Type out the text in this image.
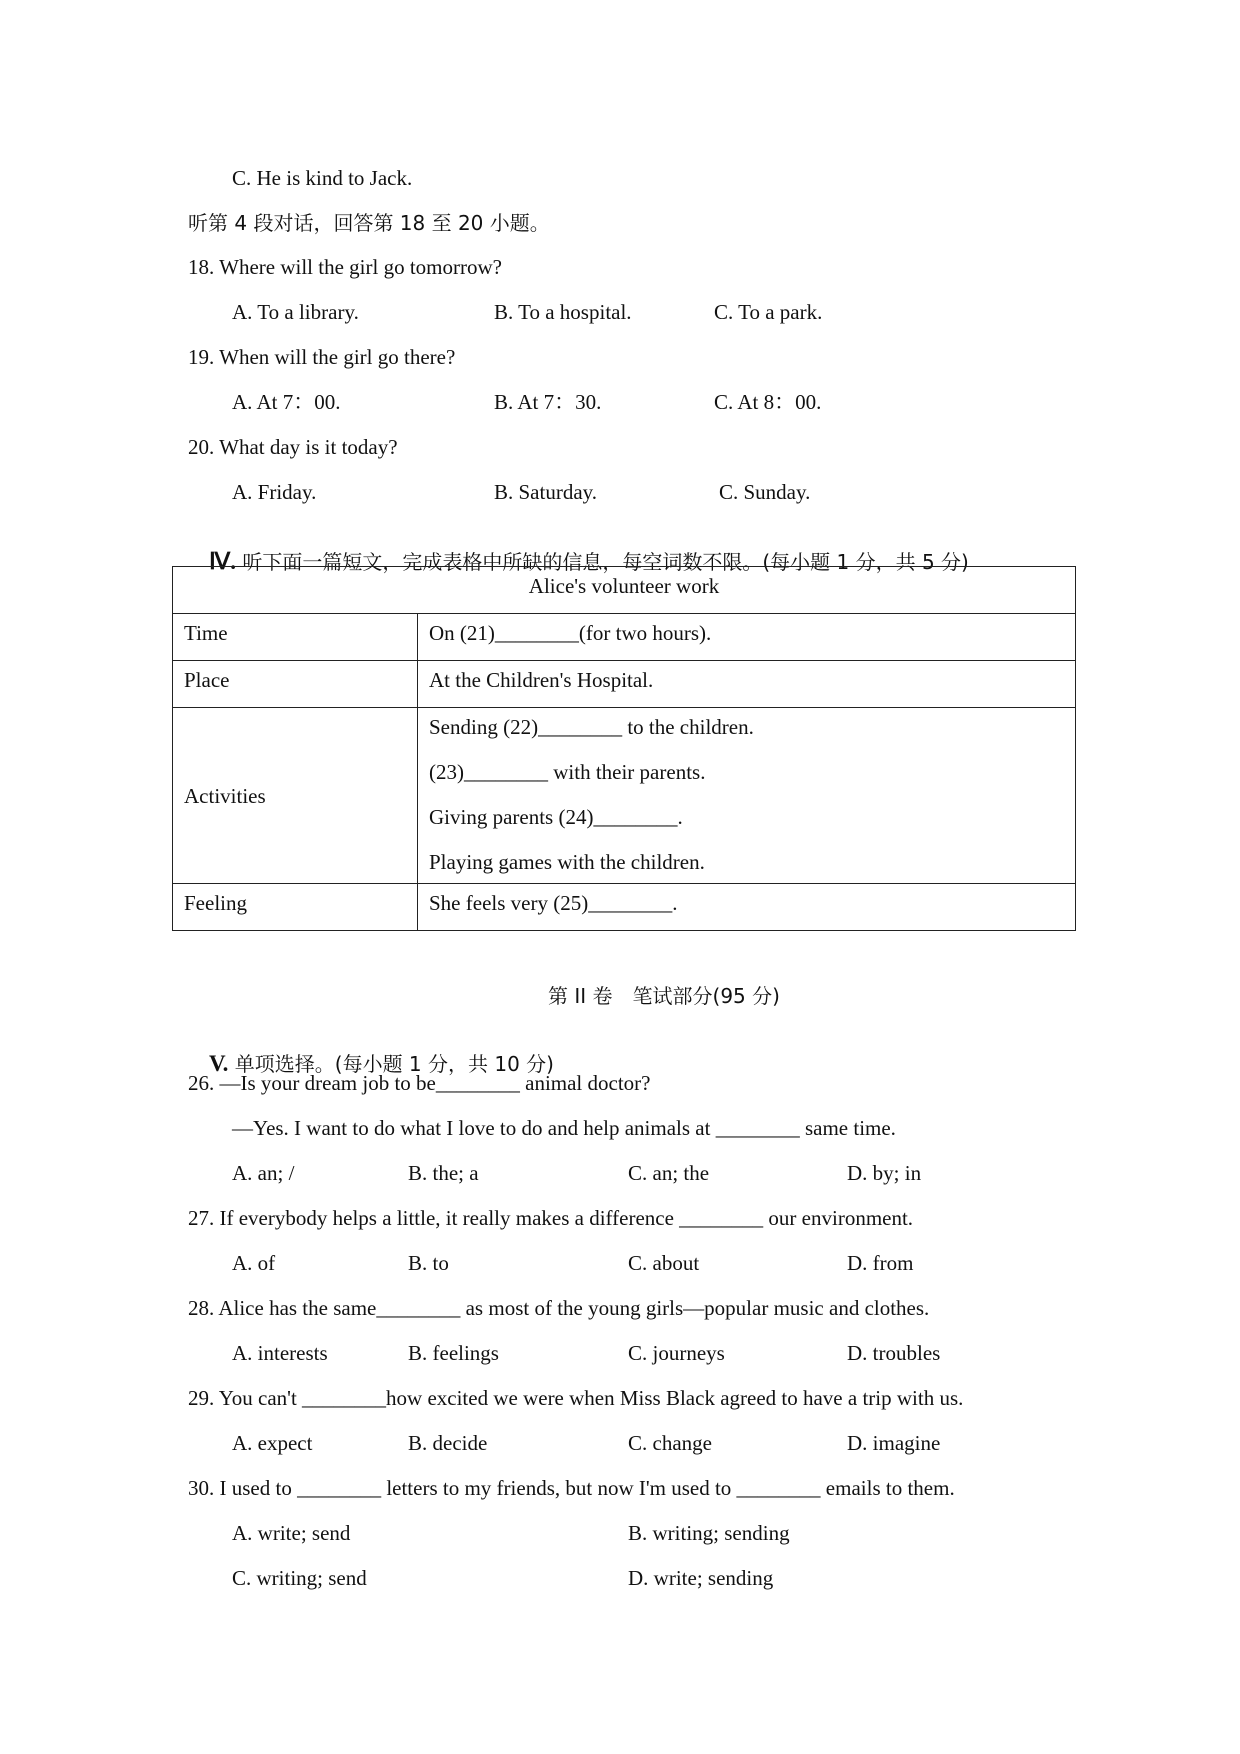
C. He is kind to Jack.
听第 4 段对话，回答第 18 至 20 小题。
18. Where will the girl go tomorrow?
A. To a library.	B. To a hospital.	C. To a park.
19. When will the girl go there?
A. At 7：00.	B. At 7：30.	C. At 8：00.
20. What day is it today?
A. Friday.	B. Saturday.	C. Sunday.

Ⅳ. 听下面一篇短文，完成表格中所缺的信息，每空词数不限。(每小题 1 分，共 5 分)

Alice's volunteer work	
Time	On (21)________(for two hours).
Place	At the Children's Hospital.
Activities	Sending (22)________ to the children.
(23)________ with their parents.
Giving parents (24)________.
Playing games with the children.

Feeling	She feels very (25)________.
第 II 卷　笔试部分(95 分)

V. 单项选择。(每小题 1 分，共 10 分)

26. —Is your dream job to be________ animal doctor?
—Yes. I want to do what I love to do and help animals at ________ same time.
A. an; /	B. the; a	C. an; the	D. by; in
27. If everybody helps a little, it really makes a difference ________ our environment.
A. of	B. to	C. about	D. from
28. Alice has the same________ as most of the young girls—popular music and clothes.
A. interests	B. feelings	C. journeys	D. troubles
29. You can't ________how excited we were when Miss Black agreed to have a trip with us.
A. expect	B. decide	C. change	D. imagine
30. I used to ________ letters to my friends, but now I'm used to ________ emails to them.
A. write; send	B. writing; sending
C. writing; send	D. write; sending
